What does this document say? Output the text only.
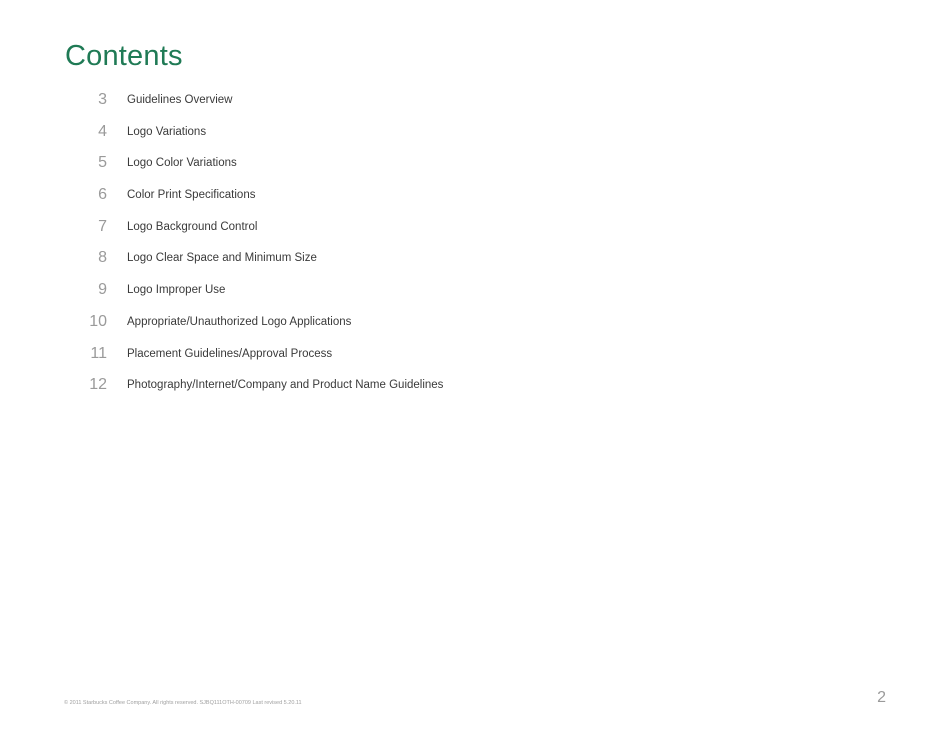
Contents
3 Guidelines Overview
4 Logo Variations
5 Logo Color Variations
6 Color Print Specifications
7 Logo Background Control
8 Logo Clear Space and Minimum Size
9 Logo Improper Use
10 Appropriate/Unauthorized Logo Applications
11 Placement Guidelines/Approval Process
12 Photography/Internet/Company and Product Name Guidelines
© 2011 Starbucks Coffee Company. All rights reserved. SJBQ111OTH-00709 Last revised 5.20.11	2
